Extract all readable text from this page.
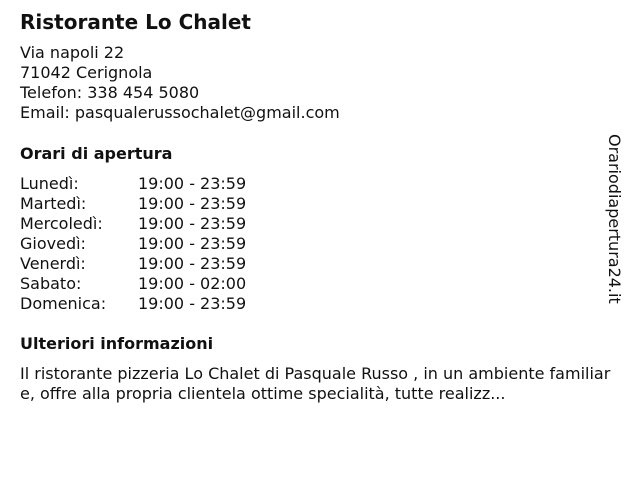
Ristorante Lo Chalet
Via napoli 22
71042 Cerignola
Telefon: 338 454 5080
Email: pasqualerussochalet@gmail.com
Orari di apertura
Lunedì:	19:00 - 23:59
Martedì:	19:00 - 23:59
Mercoledì:	19:00 - 23:59
Giovedì:	19:00 - 23:59
Venerdì:	19:00 - 23:59
Sabato:	19:00 - 02:00
Domenica:	19:00 - 23:59
Ulteriori informazioni

Il ristorante pizzeria Lo Chalet di Pasquale Russo , in un ambiente familiare, offre alla propria clientela ottime specialità, tutte realizz...

Orariodiapertura24.it
